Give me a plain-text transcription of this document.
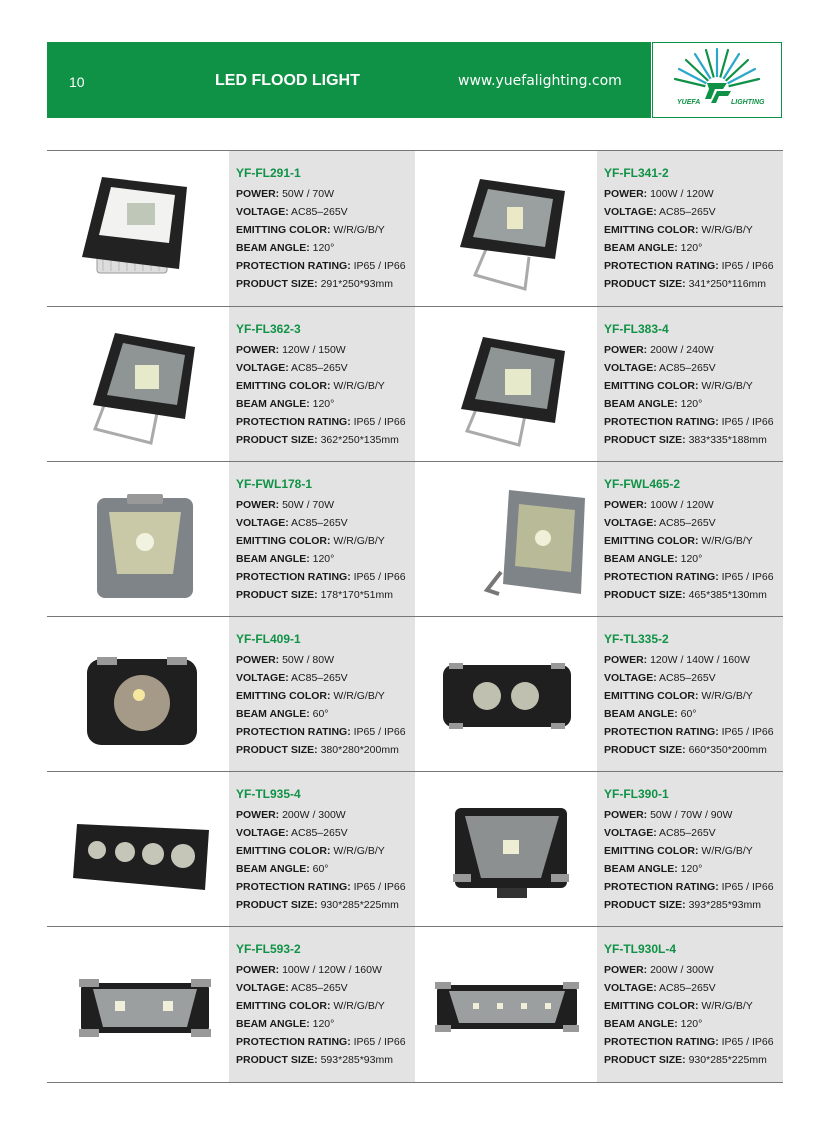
10	LED FLOOD LIGHT	www.yuefalighting.com
YUEFA	LIGHTING
YF-FL291-1
POWER: 50W / 70W
VOLTAGE: AC85–265V
EMITTING COLOR: W/R/G/B/Y
BEAM ANGLE: 120°
PROTECTION RATING: IP65 / IP66
PRODUCT SIZE: 291*250*93mm
YF-FL341-2
POWER: 100W / 120W
VOLTAGE: AC85–265V
EMITTING COLOR: W/R/G/B/Y
BEAM ANGLE: 120°
PROTECTION RATING: IP65 / IP66
PRODUCT SIZE: 341*250*116mm
YF-FL362-3
POWER: 120W / 150W
VOLTAGE: AC85–265V
EMITTING COLOR: W/R/G/B/Y
BEAM ANGLE: 120°
PROTECTION RATING: IP65 / IP66
PRODUCT SIZE: 362*250*135mm
YF-FL383-4
POWER: 200W / 240W
VOLTAGE: AC85–265V
EMITTING COLOR: W/R/G/B/Y
BEAM ANGLE: 120°
PROTECTION RATING: IP65 / IP66
PRODUCT SIZE: 383*335*188mm
YF-FWL178-1
POWER: 50W / 70W
VOLTAGE: AC85–265V
EMITTING COLOR: W/R/G/B/Y
BEAM ANGLE: 120°
PROTECTION RATING: IP65 / IP66
PRODUCT SIZE: 178*170*51mm
YF-FWL465-2
POWER: 100W / 120W
VOLTAGE: AC85–265V
EMITTING COLOR: W/R/G/B/Y
BEAM ANGLE: 120°
PROTECTION RATING: IP65 / IP66
PRODUCT SIZE: 465*385*130mm
YF-FL409-1
POWER: 50W / 80W
VOLTAGE: AC85–265V
EMITTING COLOR: W/R/G/B/Y
BEAM ANGLE: 60°
PROTECTION RATING: IP65 / IP66
PRODUCT SIZE: 380*280*200mm
YF-TL335-2
POWER: 120W / 140W / 160W
VOLTAGE: AC85–265V
EMITTING COLOR: W/R/G/B/Y
BEAM ANGLE: 60°
PROTECTION RATING: IP65 / IP66
PRODUCT SIZE: 660*350*200mm
YF-TL935-4
POWER: 200W / 300W
VOLTAGE: AC85–265V
EMITTING COLOR: W/R/G/B/Y
BEAM ANGLE: 60°
PROTECTION RATING: IP65 / IP66
PRODUCT SIZE: 930*285*225mm
YF-FL390-1
POWER: 50W / 70W / 90W
VOLTAGE: AC85–265V
EMITTING COLOR: W/R/G/B/Y
BEAM ANGLE: 120°
PROTECTION RATING: IP65 / IP66
PRODUCT SIZE: 393*285*93mm
YF-FL593-2
POWER: 100W / 120W / 160W
VOLTAGE: AC85–265V
EMITTING COLOR: W/R/G/B/Y
BEAM ANGLE: 120°
PROTECTION RATING: IP65 / IP66
PRODUCT SIZE: 593*285*93mm
YF-TL930L-4
POWER: 200W / 300W
VOLTAGE: AC85–265V
EMITTING COLOR: W/R/G/B/Y
BEAM ANGLE: 120°
PROTECTION RATING: IP65 / IP66
PRODUCT SIZE: 930*285*225mm
